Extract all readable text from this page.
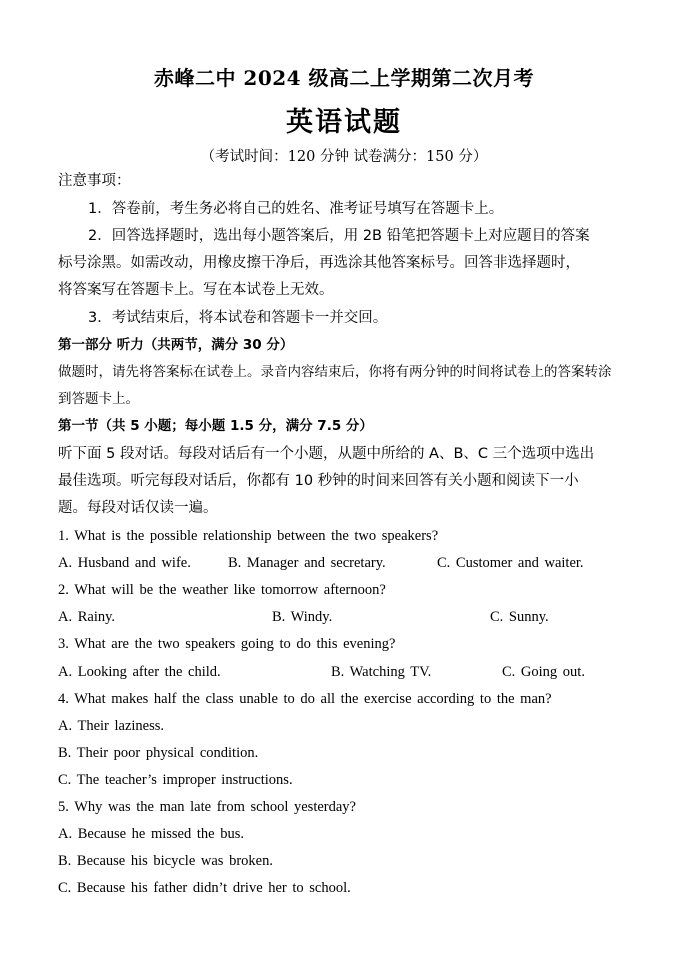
赤峰二中 2024 级高二上学期第二次月考
英语试题
（考试时间：120 分钟 试卷满分：150 分）
注意事项：
1．答卷前，考生务必将自己的姓名、准考证号填写在答题卡上。
2．回答选择题时，选出每小题答案后，用 2B 铅笔把答题卡上对应题目的答案
标号涂黑。如需改动，用橡皮擦干净后，再选涂其他答案标号。回答非选择题时，
将答案写在答题卡上。写在本试卷上无效。
3．考试结束后，将本试卷和答题卡一并交回。
第一部分 听力（共两节，满分 30 分）
做题时，请先将答案标在试卷上。录音内容结束后，你将有两分钟的时间将试卷上的答案转涂
到答题卡上。
第一节（共 5 小题；每小题 1.5 分，满分 7.5 分）
听下面 5 段对话。每段对话后有一个小题，从题中所给的 A、B、C 三个选项中选出
最佳选项。听完每段对话后，你都有 10 秒钟的时间来回答有关小题和阅读下一小
题。每段对话仅读一遍。
1. What is the possible relationship between the two speakers?
A. Husband and wife.	B. Manager and secretary.	C. Customer and waiter.
2. What will be the weather like tomorrow afternoon?
A. Rainy.	B. Windy.	C. Sunny.
3. What are the two speakers going to do this evening?
A. Looking after the child.	B. Watching TV.	C. Going out.
4. What makes half the class unable to do all the exercise according to the man?
A. Their laziness.
B. Their poor physical condition.
C. The teacher’s improper instructions.
5. Why was the man late from school yesterday?
A. Because he missed the bus.
B. Because his bicycle was broken.
C. Because his father didn’t drive her to school.
